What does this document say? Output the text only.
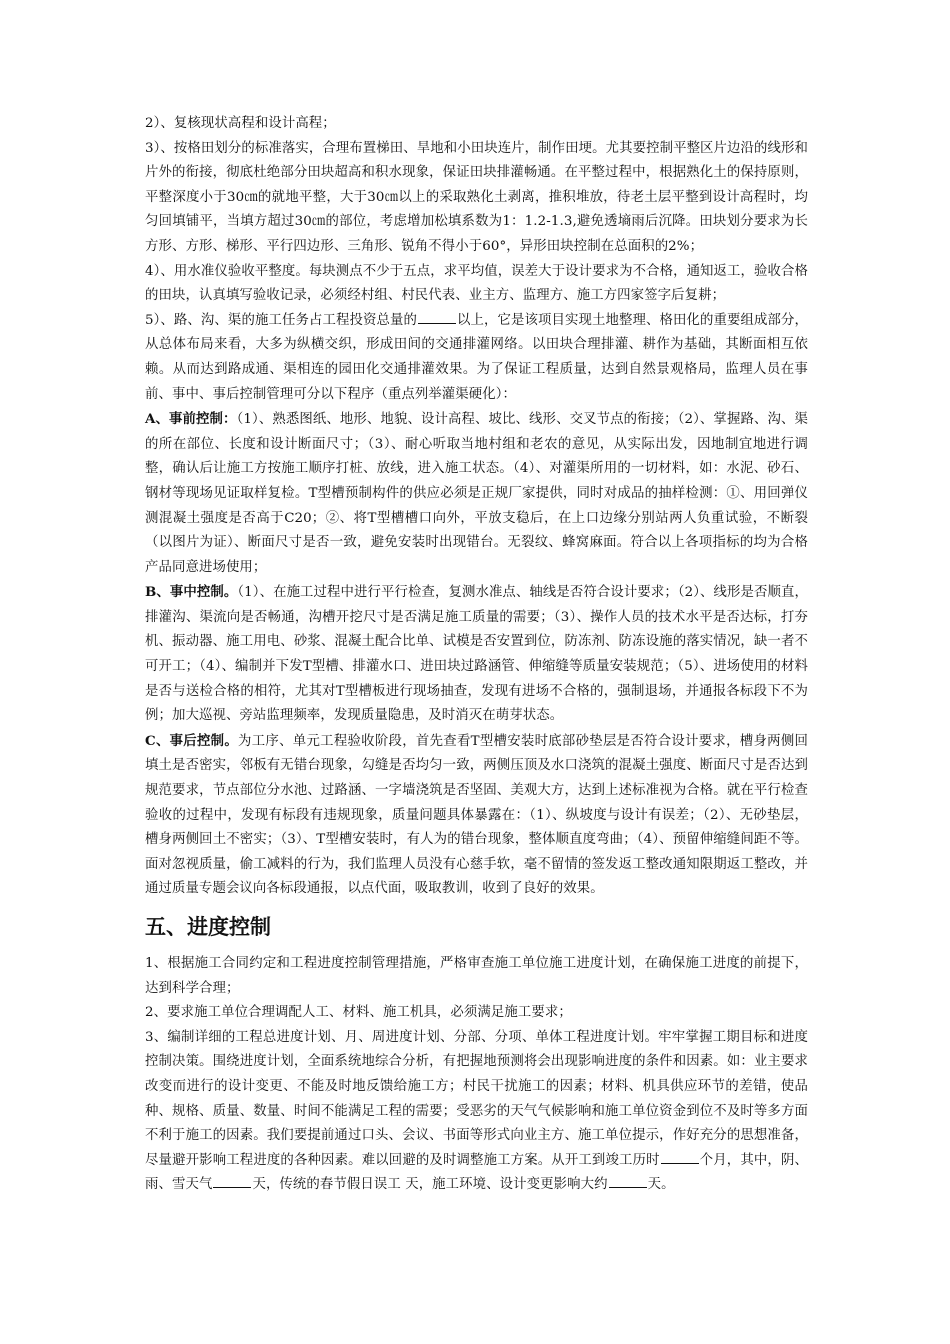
2）、复核现状高程和设计高程；

3）、按格田划分的标准落实，合理布置梯田、旱地和小田块连片，制作田埂。尤其要控制平整区片边沿的线形和片外的衔接，彻底杜绝部分田块超高和积水现象，保证田块排灌畅通。在平整过程中，根据熟化土的保持原则，平整深度小于30㎝的就地平整，大于30㎝以上的采取熟化土剥离，推积堆放，待老土层平整到设计高程时，均匀回填铺平，当填方超过30㎝的部位，考虑增加松填系数为1：1.2-1.3,避免透墒雨后沉降。田块划分要求为长方形、方形、梯形、平行四边形、三角形、锐角不得小于60°，异形田块控制在总面积的2%；

4）、用水准仪验收平整度。每块测点不少于五点，求平均值，误差大于设计要求为不合格，通知返工，验收合格的田块，认真填写验收记录，必须经村组、村民代表、业主方、监理方、施工方四家签字后复耕；

5）、路、沟、渠的施工任务占工程投资总量的	以上，它是该项目实现土地整理、格田化的重要组成部分，从总体布局来看，大多为纵横交织，形成田间的交通排灌网络。以田块合理排灌、耕作为基础，其断面相互依赖。从而达到路成通、渠相连的园田化交通排灌效果。为了保证工程质量，达到自然景观格局，监理人员在事前、事中、事后控制管理可分以下程序（重点列举灌渠硬化）：

A、事前控制：（1）、熟悉图纸、地形、地貌、设计高程、坡比、线形、交叉节点的衔接；（2）、掌握路、沟、渠的所在部位、长度和设计断面尺寸；（3）、耐心听取当地村组和老农的意见，从实际出发，因地制宜地进行调整，确认后让施工方按施工顺序打桩、放线，进入施工状态。（4）、对灌渠所用的一切材料，如：水泥、砂石、钢材等现场见证取样复检。T型槽预制构件的供应必须是正规厂家提供，同时对成品的抽样检测：①、用回弹仪测混凝土强度是否高于C20；②、将T型槽槽口向外，平放支稳后，在上口边缘分别站两人负重试验，不断裂（以图片为证）、断面尺寸是否一致，避免安装时出现错台。无裂纹、蜂窝麻面。符合以上各项指标的均为合格产品同意进场使用；

B、事中控制。（1）、在施工过程中进行平行检查，复测水准点、轴线是否符合设计要求；（2）、线形是否顺直，排灌沟、渠流向是否畅通，沟槽开挖尺寸是否满足施工质量的需要；（3）、操作人员的技术水平是否达标，打夯机、振动器、施工用电、砂浆、混凝土配合比单、试模是否安置到位，防冻剂、防冻设施的落实情况，缺一者不可开工；（4）、编制并下发T型槽、排灌水口、进田块过路涵管、伸缩缝等质量安装规范；（5）、进场使用的材料是否与送检合格的相符，尤其对T型槽板进行现场抽查，发现有进场不合格的，强制退场，并通报各标段下不为例；加大巡视、旁站监理频率，发现质量隐患，及时消灭在萌芽状态。

C、事后控制。为工序、单元工程验收阶段，首先查看T型槽安装时底部砂垫层是否符合设计要求，槽身两侧回填土是否密实，邻板有无错台现象，勾缝是否均匀一致，两侧压顶及水口浇筑的混凝土强度、断面尺寸是否达到规范要求，节点部位分水池、过路涵、一字墙浇筑是否坚固、美观大方，达到上述标准视为合格。就在平行检查验收的过程中，发现有标段有违规现象，质量问题具体暴露在：（1）、纵坡度与设计有误差；（2）、无砂垫层，槽身两侧回土不密实；（3）、T型槽安装时，有人为的错台现象，整体顺直度弯曲；（4）、预留伸缩缝间距不等。面对忽视质量，偷工减料的行为，我们监理人员没有心慈手软，毫不留情的签发返工整改通知限期返工整改，并通过质量专题会议向各标段通报，以点代面，吸取教训，收到了良好的效果。

五、进度控制

1、根据施工合同约定和工程进度控制管理措施，严格审查施工单位施工进度计划，在确保施工进度的前提下，达到科学合理；

2、要求施工单位合理调配人工、材料、施工机具，必须满足施工要求；

3、编制详细的工程总进度计划、月、周进度计划、分部、分项、单体工程进度计划。牢牢掌握工期目标和进度控制决策。围绕进度计划，全面系统地综合分析，有把握地预测将会出现影响进度的条件和因素。如：业主要求改变而进行的设计变更、不能及时地反馈给施工方；村民干扰施工的因素；材料、机具供应环节的差错，使品种、规格、质量、数量、时间不能满足工程的需要；受恶劣的天气气候影响和施工单位资金到位不及时等多方面不利于施工的因素。我们要提前通过口头、会议、书面等形式向业主方、施工单位提示，作好充分的思想准备，尽量避开影响工程进度的各种因素。难以回避的及时调整施工方案。从开工到竣工历时	个月，其中，阴、雨、雪天气	天，传统的春节假日误工 天，施工环境、设计变更影响大约	天。
